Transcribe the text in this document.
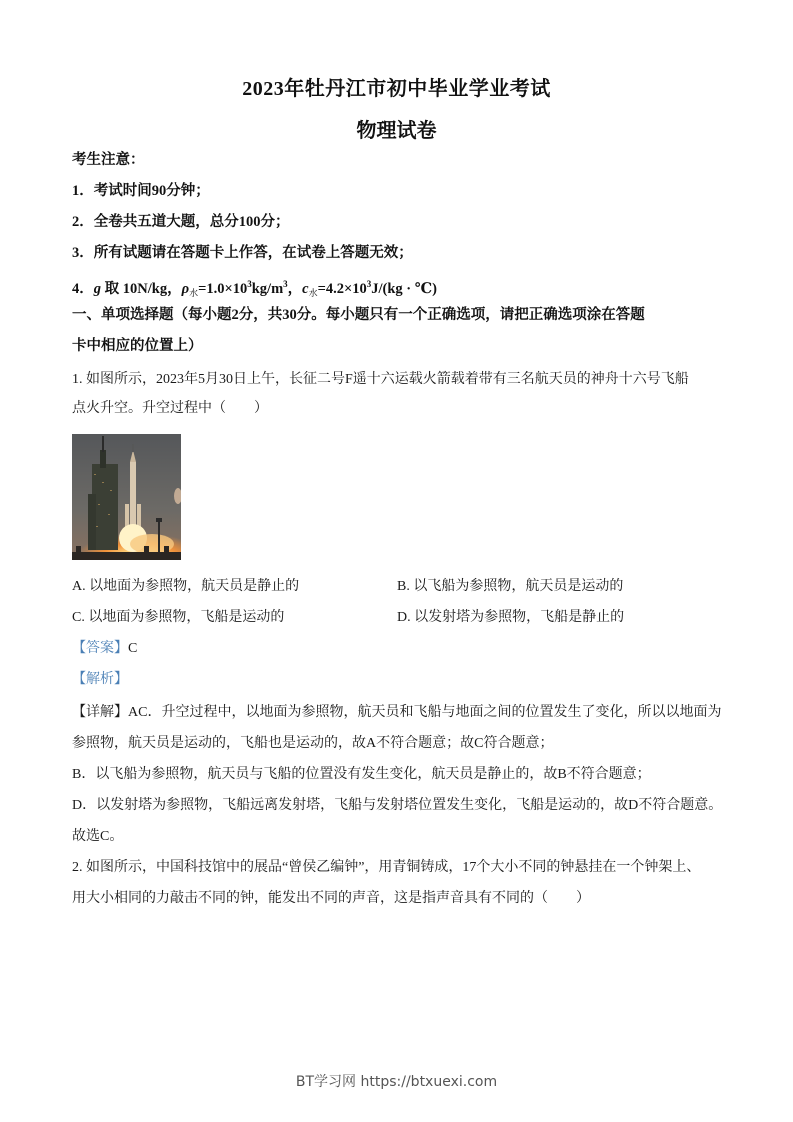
2023年牡丹江市初中毕业学业考试
物理试卷
考生注意：
1．考试时间90分钟；
2．全卷共五道大题，总分100分；
3．所有试题请在答题卡上作答，在试卷上答题无效；
4．g 取 10N/kg，$\rho_水=1.0\times 10^3kg/m^3$，$c_水=4.2\times 10^3J/(kg$ · ℃)
一、单项选择题（每小题2分，共30分。每小题只有一个正确选项，请把正确选项涂在答题
卡中相应的位置上）
1. 如图所示，2023年5月30日上午，长征二号F遥十六运载火箭载着带有三名航天员的神舟十六号飞船
点火升空。升空过程中（　　）
A. 以地面为参照物，航天员是静止的	B. 以飞船为参照物，航天员是运动的
C. 以地面为参照物，飞船是运动的	D. 以发射塔为参照物，飞船是静止的
【答案】C
【解析】
【详解】AC．升空过程中，以地面为参照物，航天员和飞船与地面之间的位置发生了变化，所以以地面为
参照物，航天员是运动的，飞船也是运动的，故A不符合题意；故C符合题意；
B．以飞船为参照物，航天员与飞船的位置没有发生变化，航天员是静止的，故B不符合题意；
D．以发射塔为参照物，飞船远离发射塔，飞船与发射塔位置发生变化，飞船是运动的，故D不符合题意。
故选C。
2. 如图所示，中国科技馆中的展品“曾侯乙编钟”，用青铜铸成，17个大小不同的钟悬挂在一个钟架上、
用大小相同的力敲击不同的钟，能发出不同的声音，这是指声音具有不同的（　　）
BT学习网 https://btxuexi.com
